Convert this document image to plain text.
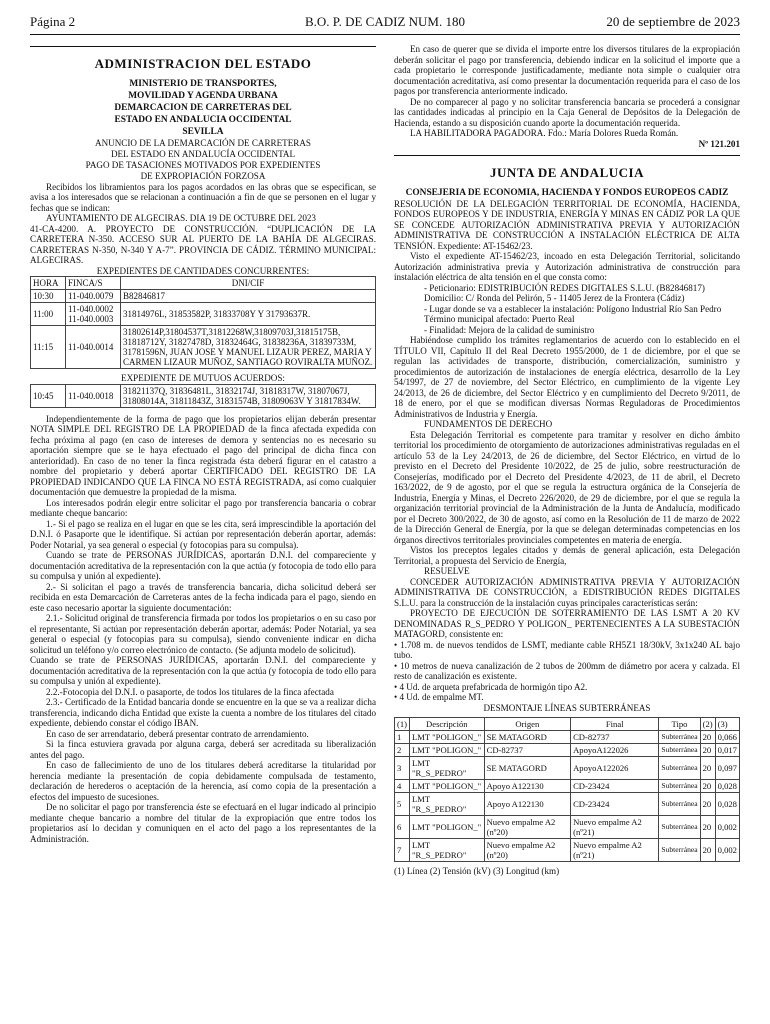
Página 2	B.O. P. DE CADIZ NUM. 180	20 de septiembre de 2023
ADMINISTRACION DEL ESTADO
MINISTERIO DE TRANSPORTES,
MOVILIDAD Y AGENDA URBANA
DEMARCACION DE CARRETERAS DEL
ESTADO EN ANDALUCIA OCCIDENTAL
SEVILLA
ANUNCIO DE LA DEMARCACIÓN DE CARRETERAS
DEL ESTADO EN ANDALUCÍA OCCIDENTAL
PAGO DE TASACIONES MOTIVADOS POR EXPEDIENTES
DE EXPROPIACIÓN FORZOSA

Recibidos los libramientos para los pagos acordados en las obras que se especifican, se avisa a los interesados que se relacionan a continuación a fin de que se personen en el lugar y fechas que se indican:

AYUNTAMIENTO DE ALGECIRAS. DIA 19 DE OCTUBRE DEL 2023

41-CA-4200. A. PROYECTO DE CONSTRUCCIÓN. “DUPLICACIÓN DE LA CARRETERA N-350. ACCESO SUR AL PUERTO DE LA BAHÍA DE ALGECIRAS. CARRETERAS N-350, N-340 Y A-7”. PROVINCIA DE CÁDIZ. TÉRMINO MUNICIPAL: ALGECIRAS.

EXPEDIENTES DE CANTIDADES CONCURRENTES:

HORA	FINCA/S	DNI/CIF
10:30	11-040.0079	B82846817
11:00	11-040.0002 11-040.0003	31814976L, 31853582P, 31833708Y Y 31793637R.
11:15	11-040.0014	31802614P,31804537T,31812268W,31809703J,31815175B, 31818712Y, 31827478D, 31832464G, 31838236A, 31839733M, 31781596N, JUAN JOSE Y MANUEL LIZAUR PEREZ, MARIA Y CARMEN LIZAUR MUÑOZ, SANTIAGO ROVIRALTA MUÑOZ.

EXPEDIENTE DE MUTUOS ACUERDOS:

10:45	11-040.0018	31821137Q, 31836481L, 31832174J, 31818317W, 31807067J, 31808014A, 31811843Z, 31831574B, 31809063V Y 31817834W.

Independientemente de la forma de pago que los propietarios elijan deberán presentar NOTA SIMPLE DEL REGISTRO DE LA PROPIEDAD de la finca afectada expedida con fecha próxima al pago (en caso de intereses de demora y sentencias no es necesario su aportación siempre que se le haya efectuado el pago del principal de dicha finca con anterioridad). En caso de no tener la finca registrada ésta deberá figurar en el catastro a nombre del propietario y deberá aportar CERTIFICADO DEL REGISTRO DE LA PROPIEDAD INDICANDO QUE LA FINCA NO ESTÁ REGISTRADA, así como cualquier documentación que demuestre la propiedad de la misma.

Los interesados podrán elegir entre solicitar el pago por transferencia bancaria o cobrar mediante cheque bancario:

1.- Si el pago se realiza en el lugar en que se les cita, será imprescindible la aportación del D.N.I. ó Pasaporte que le identifique. Si actúan por representación deberán aportar, además: Poder Notarial, ya sea general o especial (y fotocopias para su compulsa).

Cuando se trate de PERSONAS JURÍDICAS, aportarán D.N.I. del compareciente y documentación acreditativa de la representación con la que actúa (y fotocopia de todo ello para su compulsa y unión al expediente).

2.- Si solicitan el pago a través de transferencia bancaria, dicha solicitud deberá ser recibida en esta Demarcación de Carreteras antes de la fecha indicada para el pago, siendo en este caso necesario aportar la siguiente documentación:

2.1.- Solicitud original de transferencia firmada por todos los propietarios o en su caso por el representante, Si actúan por representación deberán aportar, además: Poder Notarial, ya sea general o especial (y fotocopias para su compulsa), siendo conveniente indicar en dicha solicitud un teléfono y/o correo electrónico de contacto. (Se adjunta modelo de solicitud).

Cuando se trate de PERSONAS JURÍDICAS, aportarán D.N.I. del compareciente y documentación acreditativa de la representación con la que actúa (y fotocopia de todo ello para su compulsa y unión al expediente).

2.2.-Fotocopia del D.N.I. o pasaporte, de todos los titulares de la finca afectada

2.3.- Certificado de la Entidad bancaria donde se encuentre en la que se va a realizar dicha transferencia, indicando dicha Entidad que existe la cuenta a nombre de los titulares del citado expediente, debiendo constar el código IBAN.

En caso de ser arrendatario, deberá presentar contrato de arrendamiento.

Si la finca estuviera gravada por alguna carga, deberá ser acreditada su liberalización antes del pago.

En caso de fallecimiento de uno de los titulares deberá acreditarse la titularidad por herencia mediante la presentación de copia debidamente compulsada de testamento, declaración de herederos o aceptación de la herencia, así como copia de la presentación a efectos del impuesto de sucesiones.

De no solicitar el pago por transferencia éste se efectuará en el lugar indicado al principio mediante cheque bancario a nombre del titular de la expropiación que entre todos los propietarios así lo decidan y comuniquen en el acto del pago a los representantes de la Administración.

En caso de querer que se divida el importe entre los diversos titulares de la expropiación deberán solicitar el pago por transferencia, debiendo indicar en la solicitud el importe que a cada propietario le corresponde justificadamente, mediante nota simple o cualquier otra documentación acreditativa, así como presentar la documentación requerida para el caso de los pagos por transferencia anteriormente indicado.

De no comparecer al pago y no solicitar transferencia bancaria se procederá a consignar las cantidades indicadas al principio en la Caja General de Depósitos de la Delegación de Hacienda, estando a su disposición cuando aporte la documentación requerida.

LA HABILITADORA PAGADORA. Fdo.: María Dolores Rueda Román.

Nº 121.201

JUNTA DE ANDALUCIA
CONSEJERIA DE ECONOMIA, HACIENDA Y FONDOS EUROPEOS CADIZ

RESOLUCIÓN DE LA DELEGACIÓN TERRITORIAL DE ECONOMÍA, HACIENDA, FONDOS EUROPEOS Y DE INDUSTRIA, ENERGÍA Y MINAS EN CÁDIZ POR LA QUE SE CONCEDE AUTORIZACIÓN ADMINISTRATIVA PREVIA Y AUTORIZACIÓN ADMINISTRATIVA DE CONSTRUCCIÓN A INSTALACIÓN ELÉCTRICA DE ALTA TENSIÓN. Expediente: AT-15462/23.

Visto el expediente AT-15462/23, incoado en esta Delegación Territorial, solicitando Autorización administrativa previa y Autorización administrativa de construcción para instalación eléctrica de alta tensión en el que consta como:

- Peticionario: EDISTRIBUCIÓN REDES DIGITALES S.L.U. (B82846817)

Domicilio: C/ Ronda del Pelirón, 5 - 11405 Jerez de la Frontera (Cádiz)

- Lugar donde se va a establecer la instalación: Polígono Industrial Río San Pedro

Término municipal afectado: Puerto Real

- Finalidad: Mejora de la calidad de suministro

Habiéndose cumplido los trámites reglamentarios de acuerdo con lo establecido en el TÍTULO VII, Capítulo II del Real Decreto 1955/2000, de 1 de diciembre, por el que se regulan las actividades de transporte, distribución, comercialización, suministro y procedimientos de autorización de instalaciones de energía eléctrica, desarrollo de la Ley 54/1997, de 27 de noviembre, del Sector Eléctrico, en cumplimiento de la vigente Ley 24/2013, de 26 de diciembre, del Sector Eléctrico y en cumplimiento del Decreto 9/2011, de 18 de enero, por el que se modifican diversas Normas Reguladoras de Procedimientos Administrativos de Industria y Energía.

FUNDAMENTOS DE DERECHO

Esta Delegación Territorial es competente para tramitar y resolver en dicho ámbito territorial los procedimiento de otorgamiento de autorizaciones administrativas reguladas en el artículo 53 de la Ley 24/2013, de 26 de diciembre, del Sector Eléctrico, en virtud de lo previsto en el Decreto del Presidente 10/2022, de 25 de julio, sobre reestructuración de Consejerías, modificado por el Decreto del Presidente 4/2023, de 11 de abril, el Decreto 163/2022, de 9 de agosto, por el que se regula la estructura orgánica de la Consejería de Industria, Energía y Minas, el Decreto 226/2020, de 29 de diciembre, por el que se regula la organización territorial provincial de la Administración de la Junta de Andalucía, modificado por el Decreto 300/2022, de 30 de agosto, así como en la Resolución de 11 de marzo de 2022 de la Dirección General de Energía, por la que se delegan determinadas competencias en los órganos directivos territoriales provinciales competentes en materia de energía.

Vistos los preceptos legales citados y demás de general aplicación, esta Delegación Territorial, a propuesta del Servicio de Energía,

RESUELVE

CONCEDER AUTORIZACIÓN ADMINISTRATIVA PREVIA Y AUTORIZACIÓN ADMINISTRATIVA DE CONSTRUCCIÓN, a EDISTRIBUCIÓN REDES DIGITALES S.L.U. para la construcción de la instalación cuyas principales características serán:

PROYECTO DE EJECUCIÓN DE SOTERRAMIENTO DE LAS LSMT A 20 KV DENOMINADAS R_S_PEDRO Y POLIGON_ PERTENECIENTES A LA SUBESTACIÓN MATAGORD, consistente en:

• 1.708 m. de nuevos tendidos de LSMT, mediante cable RH5Z1 18/30kV, 3x1x240 AL bajo tubo.

• 10 metros de nueva canalización de 2 tubos de 200mm de diámetro por acera y calzada. El resto de canalización es existente.

• 4 Ud. de arqueta prefabricada de hormigón tipo A2.

• 4 Ud. de empalme MT.

DESMONTAJE LÍNEAS SUBTERRÁNEAS

(1)	Descripción	Origen	Final	Tipo	(2)	(3)
1	LMT "POLIGON_"	SE MATAGORD	CD-82737	Subterránea	20	0,066
2	LMT "POLIGON_"	CD-82737	ApoyoA122026	Subterránea	20	0,017
3	LMT "R_S_PEDRO"	SE MATAGORD	ApoyoA122026	Subterránea	20	0,097
4	LMT "POLIGON_"	Apoyo A122130	CD-23424	Subterránea	20	0,028
5	LMT "R_S_PEDRO"	Apoyo A122130	CD-23424	Subterránea	20	0,028
6	LMT "POLIGON_"	Nuevo empalme A2 (nº20)	Nuevo empalme A2 (nº21)	Subterránea	20	0,002
7	LMT "R_S_PEDRO"	Nuevo empalme A2 (nº20)	Nuevo empalme A2 (nº21)	Subterránea	20	0,002

(1) Línea (2) Tensión (kV) (3) Longitud (km)
